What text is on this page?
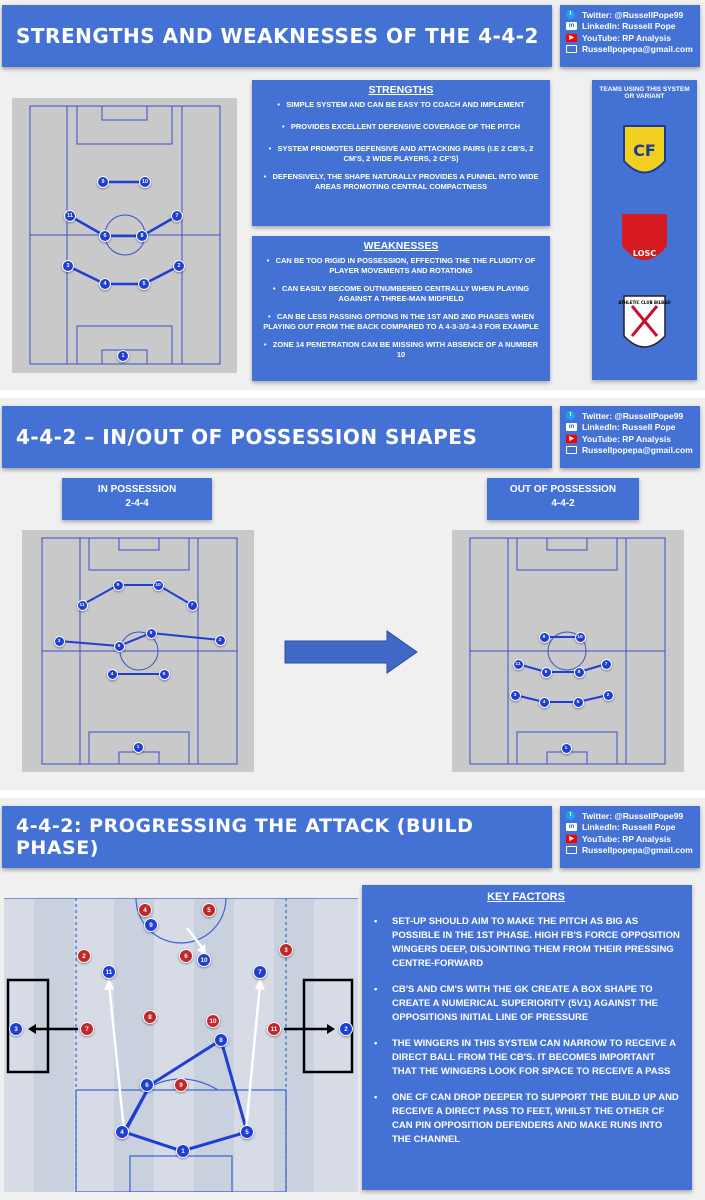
STRENGTHS AND WEAKNESSES OF THE 4-4-2
t	Twitter: @RussellPope99
in LinkedIn: Russell Pope
▶ YouTube: RP Analysis
Russellpopepa@gmail.com
9	10
11	7
6	8
3	2
4	5
1
STRENGTHS
•   SIMPLE SYSTEM AND CAN BE EASY TO COACH AND IMPLEMENT
•   PROVIDES EXCELLENT DEFENSIVE COVERAGE OF THE PITCH
•   SYSTEM PROMOTES DEFENSIVE AND ATTACKING PAIRS (I.E 2 CB'S, 2 CM'S, 2 WIDE PLAYERS, 2 CF'S)
•   DEFENSIVELY, THE SHAPE NATURALLY PROVIDES A FUNNEL INTO WIDE AREAS PROMOTING CENTRAL COMPACTNESS
WEAKNESSES
•   CAN BE TOO RIGID IN POSSESSION, EFFECTING THE THE FLUIDITY OF PLAYER MOVEMENTS AND ROTATIONS
•   CAN EASILY BECOME OUTNUMBERED CENTRALLY WHEN PLAYING AGAINST A THREE-MAN MIDFIELD
•   CAN BE LESS PASSING OPTIONS IN THE 1ST AND 2ND PHASES WHEN PLAYING OUT FROM THE BACK COMPARED TO A 4-3-3/3-4-3 FOR EXAMPLE
•   ZONE 14 PENETRATION CAN BE MISSING WITH ABSENCE OF A NUMBER 10
TEAMS USING THIS SYSTEM OR VARIANT
CF
LOSC
ATHLETIC CLUB BILBAO
4-4-2 – IN/OUT OF POSSESSION SHAPES
t	Twitter: @RussellPope99
in LinkedIn: Russell Pope
▶ YouTube: RP Analysis
Russellpopepa@gmail.com
IN POSSESSION
2-4-4
OUT OF POSSESSION
4-4-2
9	10
11	7
3
6
8
2
4	5
1
9	10
11
6	8
7
3
4	5
2
1
4-4-2: PROGRESSING THE ATTACK (BUILD PHASE)
t	Twitter: @RussellPope99
in LinkedIn: Russell Pope
▶ YouTube: RP Analysis
Russellpopepa@gmail.com
4	5
9
2	6
10
3
11	7
3	7
8
10
11	2
6
8
9
4	5
1
KEY FACTORS
• SET-UP SHOULD AIM TO MAKE THE PITCH AS BIG AS POSSIBLE IN THE 1ST PHASE. HIGH FB'S FORCE OPPOSITION WINGERS DEEP, DISJOINTING THEM FROM THEIR PRESSING CENTRE-FORWARD
• CB'S AND CM'S WITH THE GK CREATE A BOX SHAPE TO CREATE A NUMERICAL SUPERIORITY (5V1) AGAINST THE OPPOSITIONS INITIAL LINE OF PRESSURE
• THE WINGERS IN THIS SYSTEM CAN NARROW TO RECEIVE A DIRECT BALL FROM THE CB'S. IT BECOMES IMPORTANT THAT THE WINGERS LOOK FOR SPACE TO RECEIVE A PASS
• ONE CF CAN DROP DEEPER TO SUPPORT THE BUILD UP AND RECEIVE A DIRECT PASS TO FEET, WHILST THE OTHER CF CAN PIN OPPOSITION DEFENDERS AND MAKE RUNS INTO THE CHANNEL
